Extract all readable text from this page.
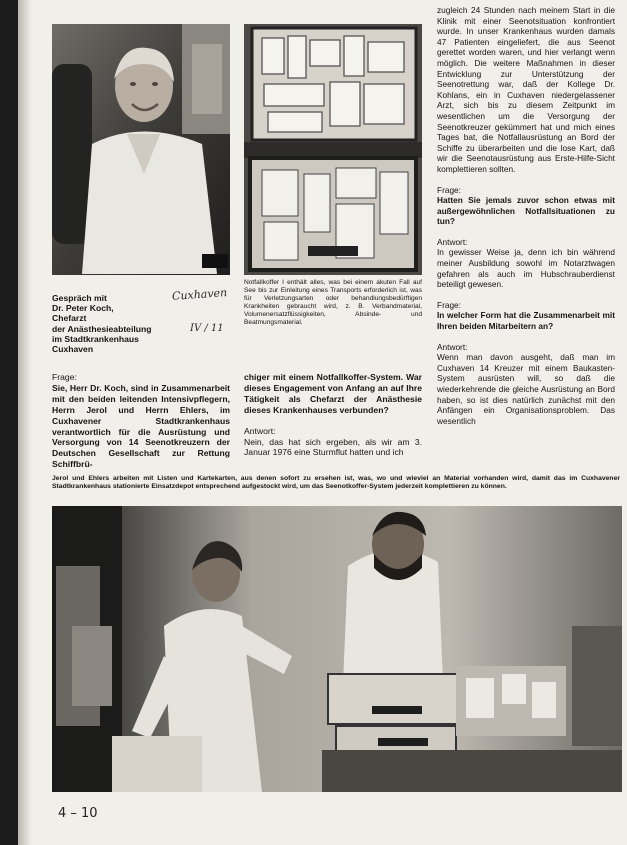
Gespräch mit
Dr. Peter Koch,
Chefarzt
der Anästhesieabteilung
im Stadtkrankenhaus
Cuxhaven
Cuxhaven
IV / 11
Notfallkoffer I enthält alles, was bei einem akuten Fall auf See bis zur Einleitung eines Transports erforderlich ist, was für Verletzungsarten oder behandlungsbedürftigen Krankheiten gebraucht wird, z. B. Verbandmaterial, Volumenersatzflüssigkeiten, Absinde- und Beatmungsmaterial.

Frage:

Sie, Herr Dr. Koch, sind in Zusammenarbeit mit den beiden leitenden Intensivpflegern, Herrn Jerol und Herrn Ehlers, im Cuxhavener Stadtkrankenhaus verantwortlich für die Ausrüstung und Versorgung von 14 Seenotkreuzern der Deutschen Gesellschaft zur Rettung Schiffbrü-

chiger mit einem Notfallkoffer-System. War dieses Engagement von Anfang an auf Ihre Tätigkeit als Chefarzt der Anästhesie dieses Krankenhauses verbunden?

Antwort:

Nein, das hat sich ergeben, als wir am 3. Januar 1976 eine Sturmflut hatten und ich

zugleich 24 Stunden nach meinem Start in die Klinik mit einer Seenotsituation konfrontiert wurde. In unser Krankenhaus wurden damals 47 Patienten eingeliefert, die aus Seenot gerettet worden waren, und hier verlangt wenn möglich. Die weitere Maßnahmen in dieser Entwicklung zur Unterstützung der Seenotrettung war, daß der Kollege Dr. Kohlans, ein in Cuxhaven niedergelassener Arzt, sich bis zu diesem Zeitpunkt im wesentlichen um die Versorgung der Seenotkreuzer gekümmert hat und mich eines Tages bat, die Notfallausrüstung an Bord der Schiffe zu überarbeiten und die lose Kart, daß wir die Seenotausrüstung aus Erste-Hilfe-Sicht komplettieren sollten.

Frage:

Hatten Sie jemals zuvor schon etwas mit außergewöhnlichen Notfallsituationen zu tun?

Antwort:

In gewisser Weise ja, denn ich bin während meiner Ausbildung sowohl im Notarztwagen gefahren als auch im Hubschrauberdienst beteiligt gewesen.

Frage:

In welcher Form hat die Zusammenarbeit mit Ihren beiden Mitarbeitern an?

Antwort:

Wenn man davon ausgeht, daß man im Cuxhaven 14 Kreuzer mit einem Baukasten-System ausrüsten will, so daß die wiederkehrende die gleiche Ausrüstung an Bord haben, so ist dies natürlich zunächst mit den Anfängen ein Organisationsproblem. Das wesentlich

Jerol und Ehlers arbeiten mit Listen und Kartekarten, aus denen sofort zu ersehen ist, was, wo und wieviel an Material vorhanden wird, damit das im Cuxhavener Stadtkrankenhaus stationierte Einsatzdepot entsprechend aufgestockt wird, um das Seenotkoffer-System jederzeit komplettieren zu können.
4 – 10
